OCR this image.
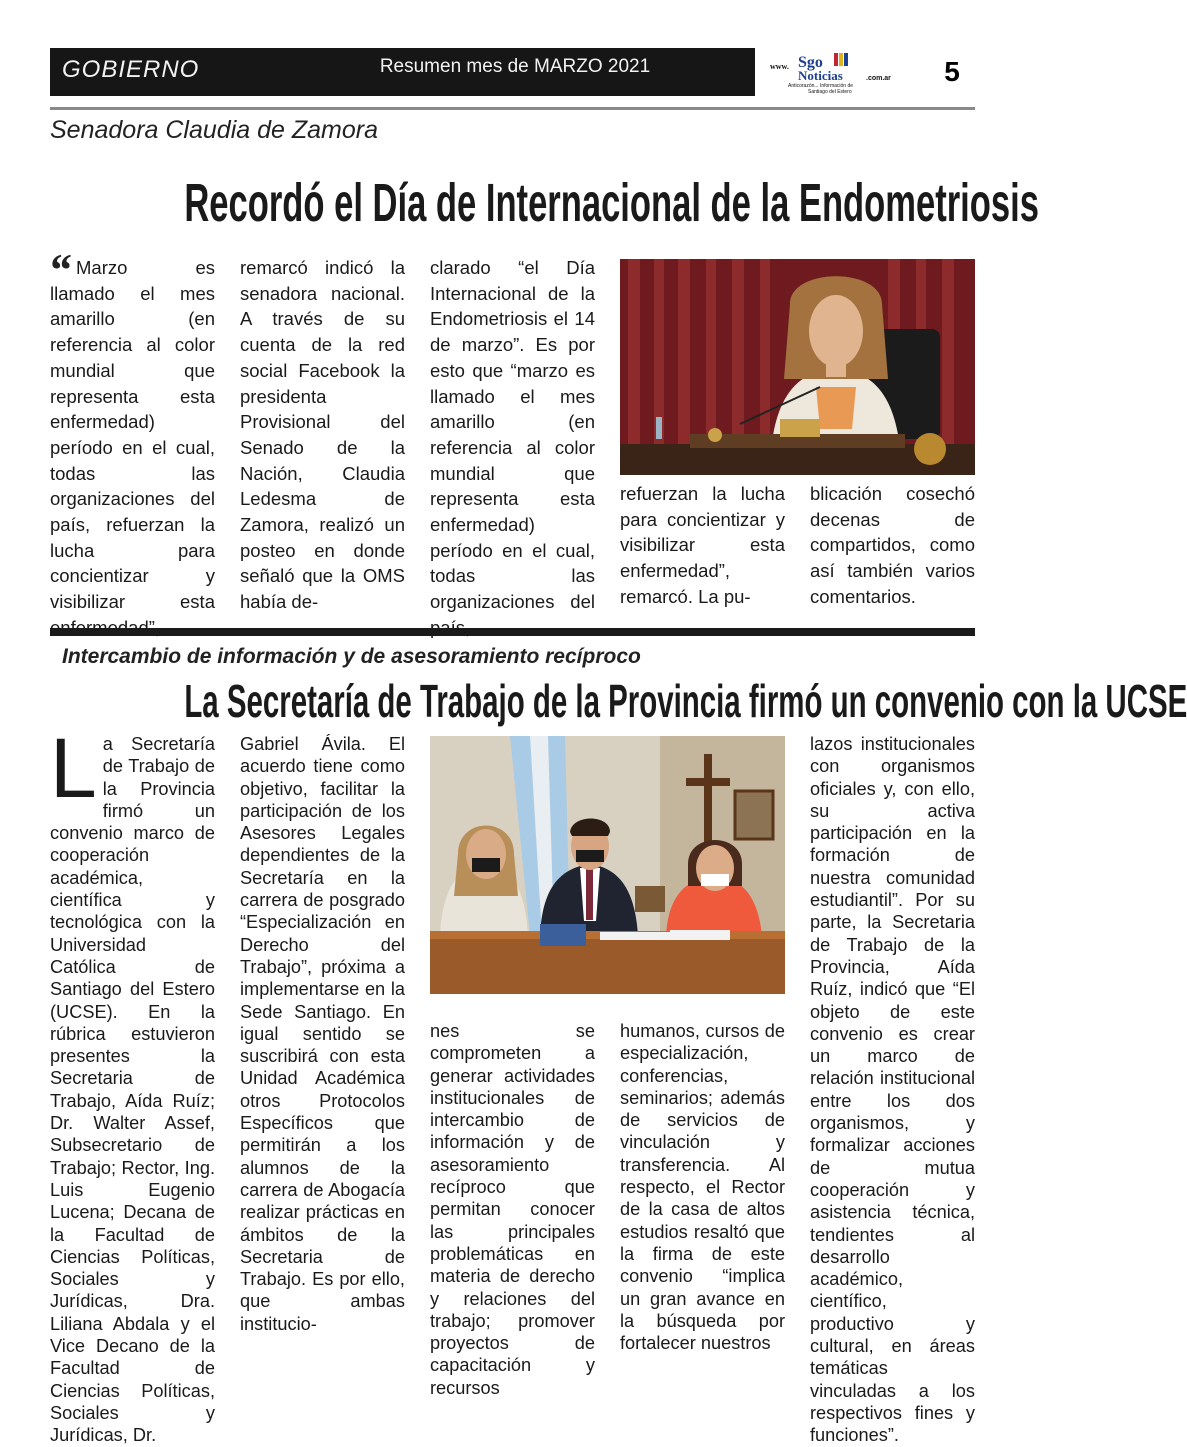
GOBIERNO	Resumen mes de MARZO 2021	www. Sgo
Noticias	.com.ar
Anticorazón... Información de
Santiago del Estero
5
Senadora Claudia de Zamora
Recordó el Día de Internacional de la Endometriosis
“ Marzo es llamado el mes amarillo (en referencia al color mundial que representa esta enfermedad) período en el cual, todas las organizaciones del país, refuerzan la lucha para concientizar y visibilizar esta

remarcó indicó la senadora nacional. A través de su cuenta de la red social Facebook la presidenta Provisional del Senado de la Nación, Claudia Ledesma de Zamora, realizó un posteo en donde señaló que la OMS había de-

clarado “el Día Internacional de la Endometriosis el 14 de marzo”. Es por esto que “marzo es llamado el mes amarillo (en referencia al color mundial que representa esta enfermedad) período en el cual, todas las organizaciones del

refuerzan la lucha para concientizar y visibilizar esta enfermedad”, remarcó. La pu-

blicación cosechó decenas de compartidos, como así también varios comentarios.

Intercambio de información y de asesoramiento recíproco
La Secretaría de Trabajo de la Provincia firmó un convenio con la UCSE
L a Secretaría de Trabajo de la Provincia firmó un convenio marco de cooperación académica, científica y tecnológica con la Universidad Católica de Santiago del Estero (UCSE). En la rúbrica estuvieron presentes la Secretaria de Trabajo, Aída Ruíz; Dr. Walter Assef, Subsecretario de Trabajo; Rector, Ing. Luis Eugenio Lucena; Decana de la Facultad de Ciencias Políticas, Sociales y Jurídicas, Dra. Liliana Abdala y el Vice Decano de la Facultad de Ciencias Políticas, Sociales y Jurídicas, Dr.

Gabriel Ávila. El acuerdo tiene como objetivo, facilitar la participación de los Asesores Legales dependientes de la Secretaría en la carrera de posgrado “Especialización en Derecho del Trabajo”, próxima a implementarse en la Sede Santiago. En igual sentido se suscribirá con esta Unidad Académica otros Protocolos Específicos que permitirán a los alumnos de la carrera de Abogacía realizar prácticas en ámbitos de la Secretaria de Trabajo. Es por ello, que ambas institucio-

nes se comprometen a generar actividades institucionales de intercambio de información y de asesoramiento recíproco que permitan conocer las principales problemáticas en materia de derecho y relaciones del trabajo; promover proyectos de capacitación y recursos

humanos, cursos de especialización, conferencias, seminarios; además de servicios de vinculación y transferencia. Al respecto, el Rector de la casa de altos estudios resaltó que la firma de este convenio “implica un gran avance en la búsqueda por fortalecer nuestros

lazos institucionales con organismos oficiales y, con ello, su activa participación en la formación de nuestra comunidad estudiantil”. Por su parte, la Secretaria de Trabajo de la Provincia, Aída Ruíz, indicó que “El objeto de este convenio es crear un marco de relación institucional entre los dos organismos, y formalizar acciones de mutua cooperación y asistencia técnica, tendientes al desarrollo académico, científico, productivo y cultural, en áreas temáticas vinculadas a los respectivos fines y funciones”.
